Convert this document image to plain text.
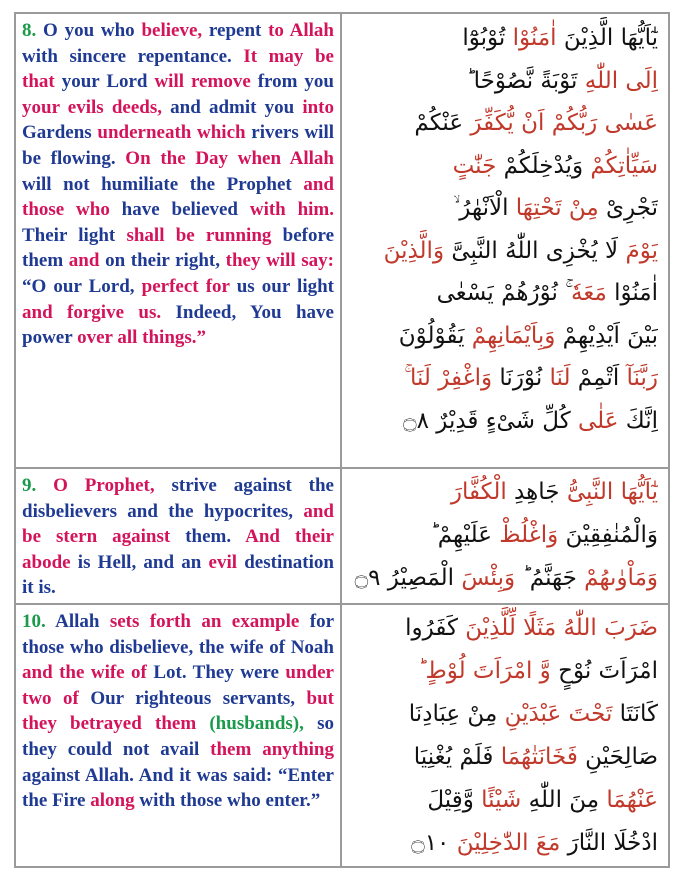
8. O you who believe, repent to Allah with sincere repentance. It may be that your Lord will remove from you your evils deeds, and admit you into Gardens underneath which rivers will be flowing. On the Day when Allah will not humiliate the Prophet and those who have believed with him. Their light shall be running before them and on their right, they will say: “O our Lord, perfect for us our light and forgive us. Indeed, You have power over all things.”
يٰٓاَيُّهَا الَّذِيْنَ اٰمَنُوْا تُوْبُوْٓا
اِلَى اللّٰهِ تَوْبَةً نَّصُوْحًا ؕ
عَسٰى رَبُّكُمْ اَنْ يُّكَفِّرَ عَنْكُمْ
سَيِّاٰتِكُمْ وَيُدْخِلَكُمْ جَنّٰتٍ
تَجْرِىْ مِنْ تَحْتِهَا الْاَنْهٰرُ ۙ
يَوْمَ لَا يُخْزِى اللّٰهُ النَّبِىَّ وَالَّذِيْنَ
اٰمَنُوْا مَعَهٗ ۚ نُوْرُهُمْ يَسْعٰى
بَيْنَ اَيْدِيْهِمْ وَبِاَيْمَانِهِمْ يَقُوْلُوْنَ
رَبَّنَآ اَتْمِمْ لَنَا نُوْرَنَا وَاغْفِرْ لَنَا ۚ
اِنَّكَ عَلٰى كُلِّ شَىْءٍ قَدِيْرٌ ۝٨
9. O Prophet, strive against the disbelievers and the hypocrites, and be stern against them. And their abode is Hell, and an evil destination it is.
يٰٓاَيُّهَا النَّبِىُّ جَاهِدِ الْكُفَّارَ
وَالْمُنٰفِقِيْنَ وَاغْلُظْ عَلَيْهِمْ ؕ
وَمَاْوٰىهُمْ جَهَنَّمُ ؕ وَبِئْسَ الْمَصِيْرُ ۝٩
10. Allah sets forth an example for those who disbelieve, the wife of Noah and the wife of Lot. They were under two of Our righteous servants, but they betrayed them (husbands), so they could not avail them anything against Allah. And it was said: “Enter the Fire along with those who enter.”
ضَرَبَ اللّٰهُ مَثَلًا لِّلَّذِيْنَ كَفَرُوا
امْرَاَتَ نُوْحٍ وَّ امْرَاَتَ لُوْطٍ ؕ
كَانَتَا تَحْتَ عَبْدَيْنِ مِنْ عِبَادِنَا
صَالِحَيْنِ فَخَانَتٰهُمَا فَلَمْ يُغْنِيَا
عَنْهُمَا مِنَ اللّٰهِ شَيْئًا وَّقِيْلَ
ادْخُلَا النَّارَ مَعَ الدّٰخِلِيْنَ ۝١٠
